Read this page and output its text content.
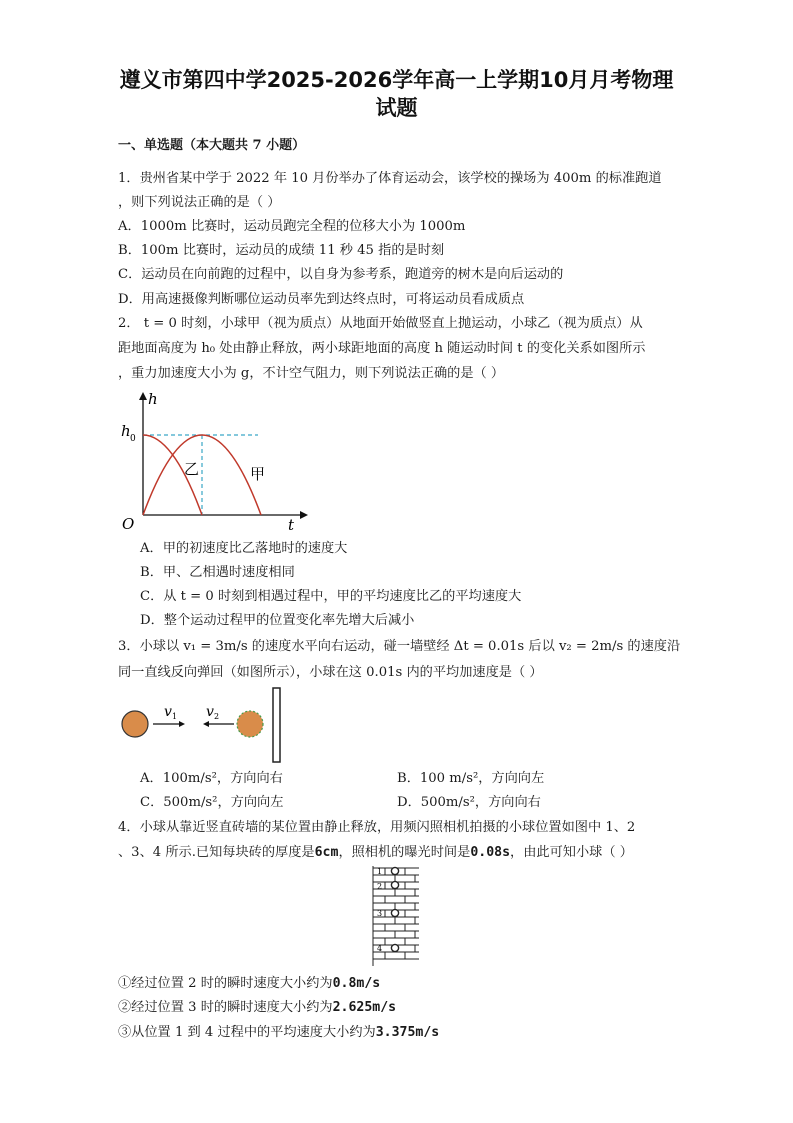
遵义市第四中学2025-2026学年高一上学期10月月考物理
试题
一、单选题（本大题共 7 小题）
1．贵州省某中学于 2022 年 10 月份举办了体育运动会，该学校的操场为 400m 的标准跑道
，则下列说法正确的是（ ）
A．1000m 比赛时，运动员跑完全程的位移大小为 1000m
B．100m 比赛时，运动员的成绩 11 秒 45 指的是时刻
C．运动员在向前跑的过程中，以自身为参考系，跑道旁的树木是向后运动的
D．用高速摄像判断哪位运动员率先到达终点时，可将运动员看成质点
2． t = 0 时刻，小球甲（视为质点）从地面开始做竖直上抛运动，小球乙（视为质点）从
距地面高度为 h₀ 处由静止释放，两小球距地面的高度 h 随运动时间 t 的变化关系如图所示
，重力加速度大小为 g，不计空气阻力，则下列说法正确的是（ ）
h
t
O
h 0
乙	甲
A．甲的初速度比乙落地时的速度大
B．甲、乙相遇时速度相同
C．从 t = 0 时刻到相遇过程中，甲的平均速度比乙的平均速度大
D．整个运动过程甲的位置变化率先增大后减小
3．小球以 v₁ = 3m/s 的速度水平向右运动，碰一墙壁经 Δt = 0.01s 后以 v₂ = 2m/s 的速度沿
同一直线反向弹回（如图所示），小球在这 0.01s 内的平均加速度是（ ）
v 1 v 2
A．100m/s²，方向向右	B．100 m/s²，方向向左
C．500m/s²，方向向左	D．500m/s²，方向向右
4．小球从靠近竖直砖墙的某位置由静止释放，用频闪照相机拍摄的小球位置如图中 1、2
、3、4 所示.已知每块砖的厚度是6cm，照相机的曝光时间是0.08s，由此可知小球（ ）
1
2
3
4
①经过位置 2 时的瞬时速度大小约为0.8m/s
②经过位置 3 时的瞬时速度大小约为2.625m/s
③从位置 1 到 4 过程中的平均速度大小约为3.375m/s
